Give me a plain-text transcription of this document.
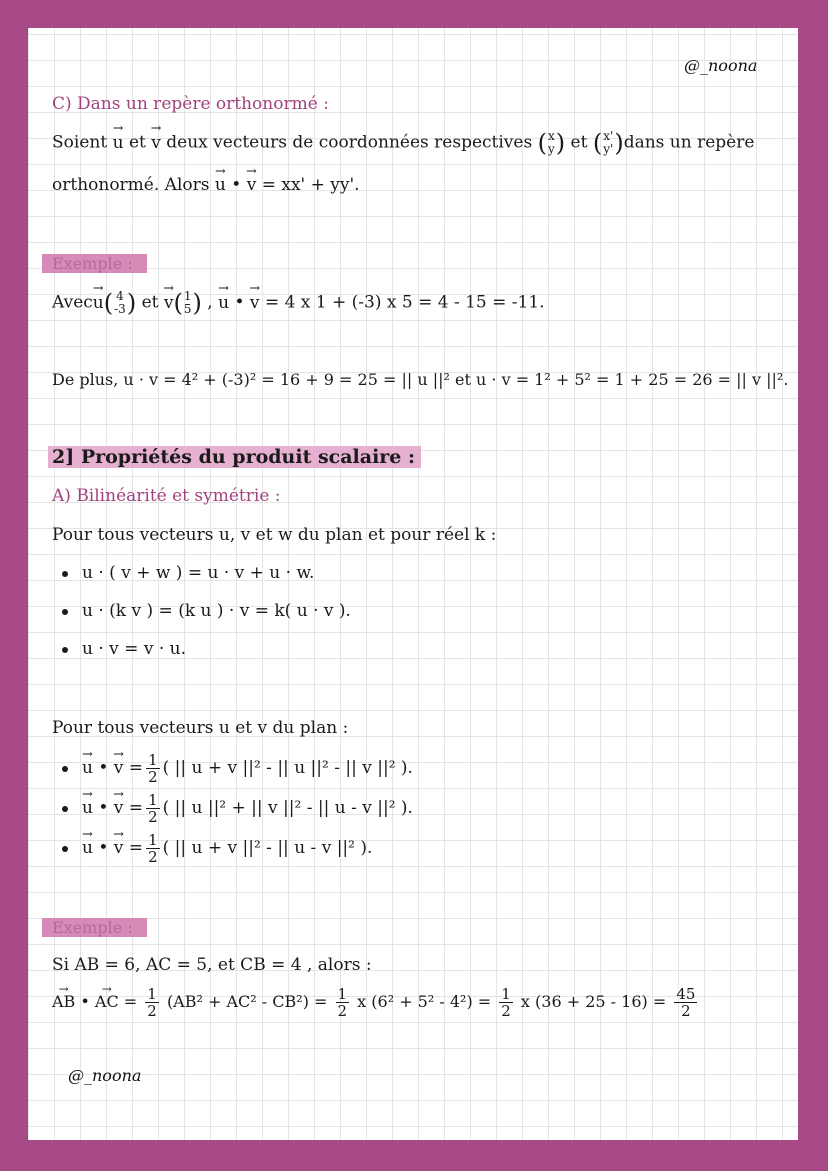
@_noona
C) Dans un repère orthonormé :
Soient → u et → v deux vecteurs de coordonnées respectives ( x
y ) et ( x'
y' )dans un repère
orthonormé. Alors → u • → v = xx' + yy'.
Exemple :
Avec→ u( 4
-3 ) et → v( 1
5 ) , → u • → v = 4 x 1 + (-3) x 5 = 4 - 15 = -11.
De plus, u · v = 4² + (-3)² = 16 + 9 = 25 = || u ||² et u · v = 1² + 5² = 1 + 25 = 26 = || v ||².
2] Propriétés du produit scalaire :
A) Bilinéarité et symétrie :
Pour tous vecteurs u, v et w du plan et pour réel k :
u · ( v + w ) = u · v + u · w.
u · (k v ) = (k u ) · v = k( u · v ).
u · v = v · u.
Pour tous vecteurs u et v du plan :
→ u • → $v = \frac{1}{2}$ ( || u + v ||² - || u ||² - || v ||² ).
→ u • → $v = \frac{1}{2}$ ( || u ||² + || v ||² - || u - v ||² ).
→ u • → $v = \frac{1}{2}$ ( || u + v ||² - || u - v ||² ).
Exemple :
Si AB = 6, AC = 5, et CB = 4 , alors :
→ AB • → AC = $\frac{1}{2} (AB^2 + AC^2 - CB^2) = \frac{1}{2}$ x $(6^2 + 5^2 - 4^2) = \frac{1}{2}$ x $(36 + 25 - 16) = \frac{45}{2}$
@_noona
